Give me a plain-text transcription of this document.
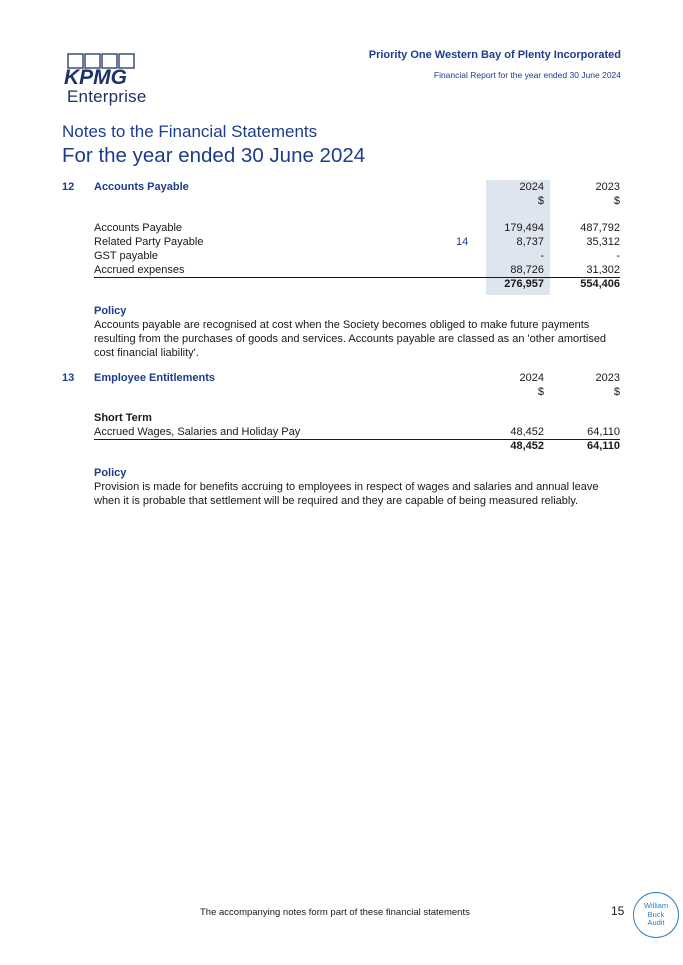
KPMG
Enterprise
Priority One Western Bay of Plenty Incorporated
Financial Report for the year ended 30 June 2024
Notes to the Financial Statements
For the year ended 30 June 2024
12 Accounts Payable	2024	2023
$	$
Accounts Payable	179,494	487,792
Related Party Payable	14	8,737	35,312
GST payable	-	-
Accrued expenses	88,726	31,302
276,957	554,406
Policy
Accounts payable are recognised at cost when the Society becomes obliged to make future payments resulting from the purchases of goods and services. Accounts payable are classed as an 'other amortised cost financial liability'.
13 Employee Entitlements	2024	2023
$	$
Short Term
Accrued Wages, Salaries and Holiday Pay	48,452	64,110
48,452	64,110
Policy
Provision is made for benefits accruing to employees in respect of wages and salaries and annual leave when it is probable that settlement will be required and they are capable of being measured reliably.
The accompanying notes form part of these financial statements	15	William
Buck
Audit
